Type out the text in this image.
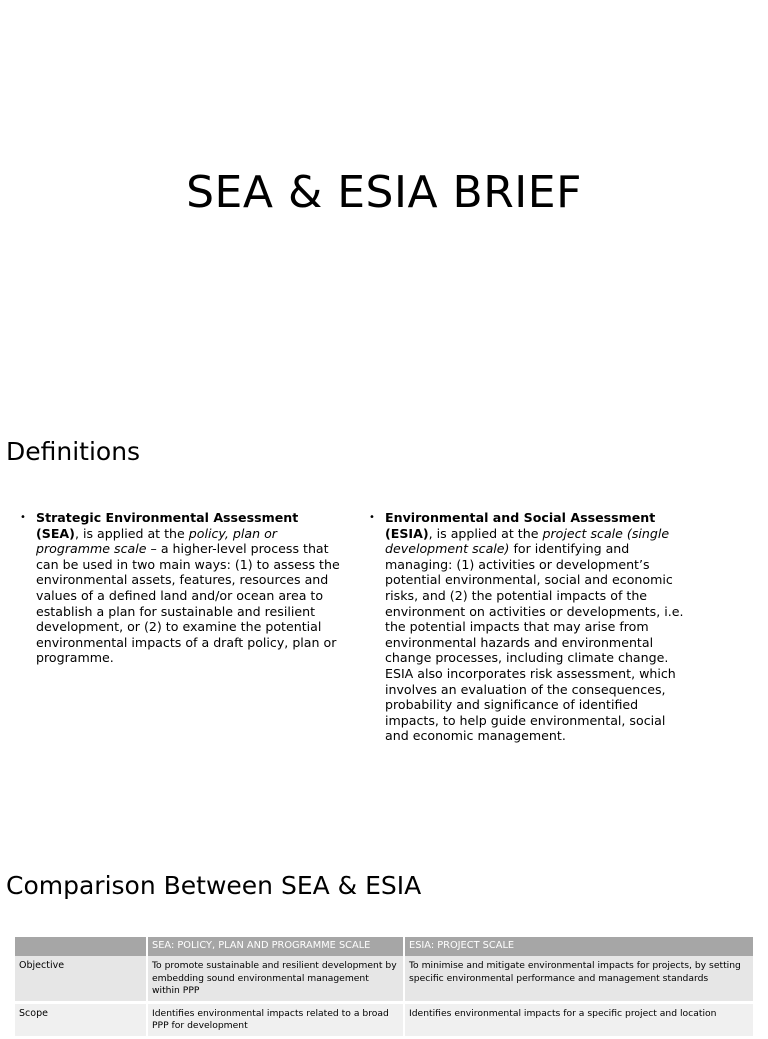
SEA & ESIA BRIEF
Definitions
• Strategic Environmental Assessment (SEA), is applied at the policy, plan or programme scale – a higher-level process that can be used in two main ways: (1) to assess the environmental assets, features, resources and values of a defined land and/or ocean area to establish a plan for sustainable and resilient development, or (2) to examine the potential environmental impacts of a draft policy, plan or programme.
• Environmental and Social Assessment (ESIA), is applied at the project scale (single development scale) for identifying and managing: (1) activities or development’s potential environmental, social and economic risks, and (2) the potential impacts of the environment on activities or developments, i.e. the potential impacts that may arise from environmental hazards and environmental change processes, including climate change. ESIA also incorporates risk assessment, which involves an evaluation of the consequences, probability and significance of identified impacts, to help guide environmental, social and economic management.
Comparison Between SEA & ESIA
	SEA: POLICY, PLAN AND PROGRAMME SCALE	ESIA: PROJECT SCALE
Objective	To promote sustainable and resilient development by embedding sound environmental management within PPP	To minimise and mitigate environmental impacts for projects, by setting specific environmental performance and management standards
Scope	Identifies environmental impacts related to a broad PPP for development	Identifies environmental impacts for a specific project and location
